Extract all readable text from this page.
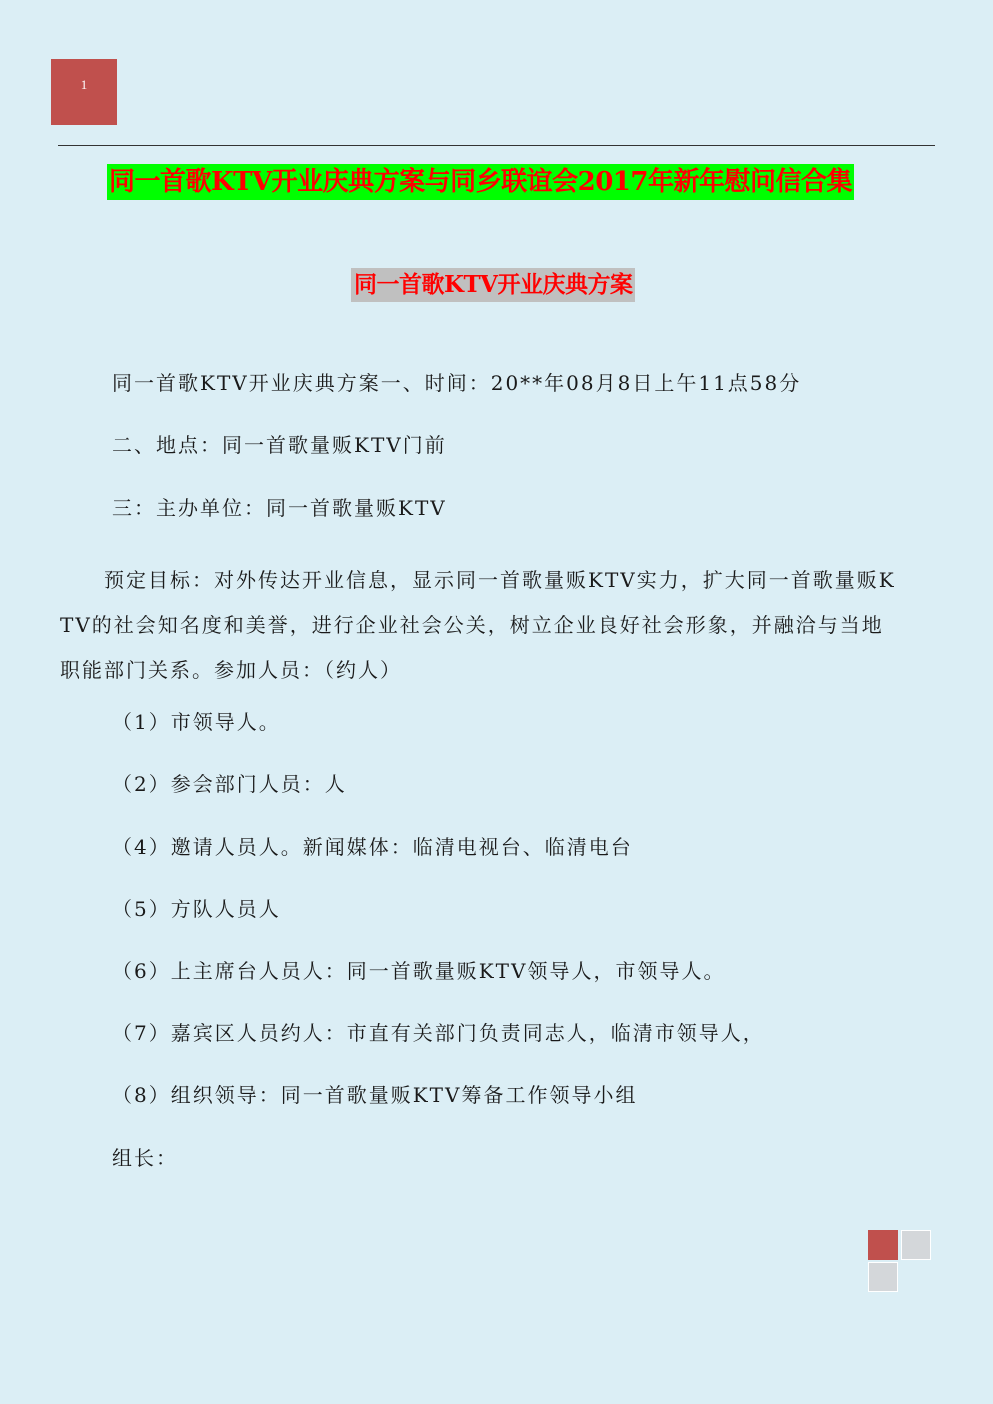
1
同一首歌KTV开业庆典方案与同乡联谊会2017年新年慰问信合集
同一首歌KTV开业庆典方案
同一首歌KTV开业庆典方案一、时间：20**年08月8日上午11点58分
二、地点：同一首歌量贩KTV门前
三：主办单位：同一首歌量贩KTV
　　预定目标：对外传达开业信息，显示同一首歌量贩KTV实力，扩大同一首歌量贩K
TV的社会知名度和美誉，进行企业社会公关，树立企业良好社会形象，并融洽与当地
职能部门关系。参加人员：（约人）
（1）市领导人。
（2）参会部门人员：人
（4）邀请人员人。新闻媒体：临清电视台、临清电台
（5）方队人员人
（6）上主席台人员人：同一首歌量贩KTV领导人，市领导人。
（7）嘉宾区人员约人：市直有关部门负责同志人，临清市领导人，
（8）组织领导：同一首歌量贩KTV筹备工作领导小组
组长：
